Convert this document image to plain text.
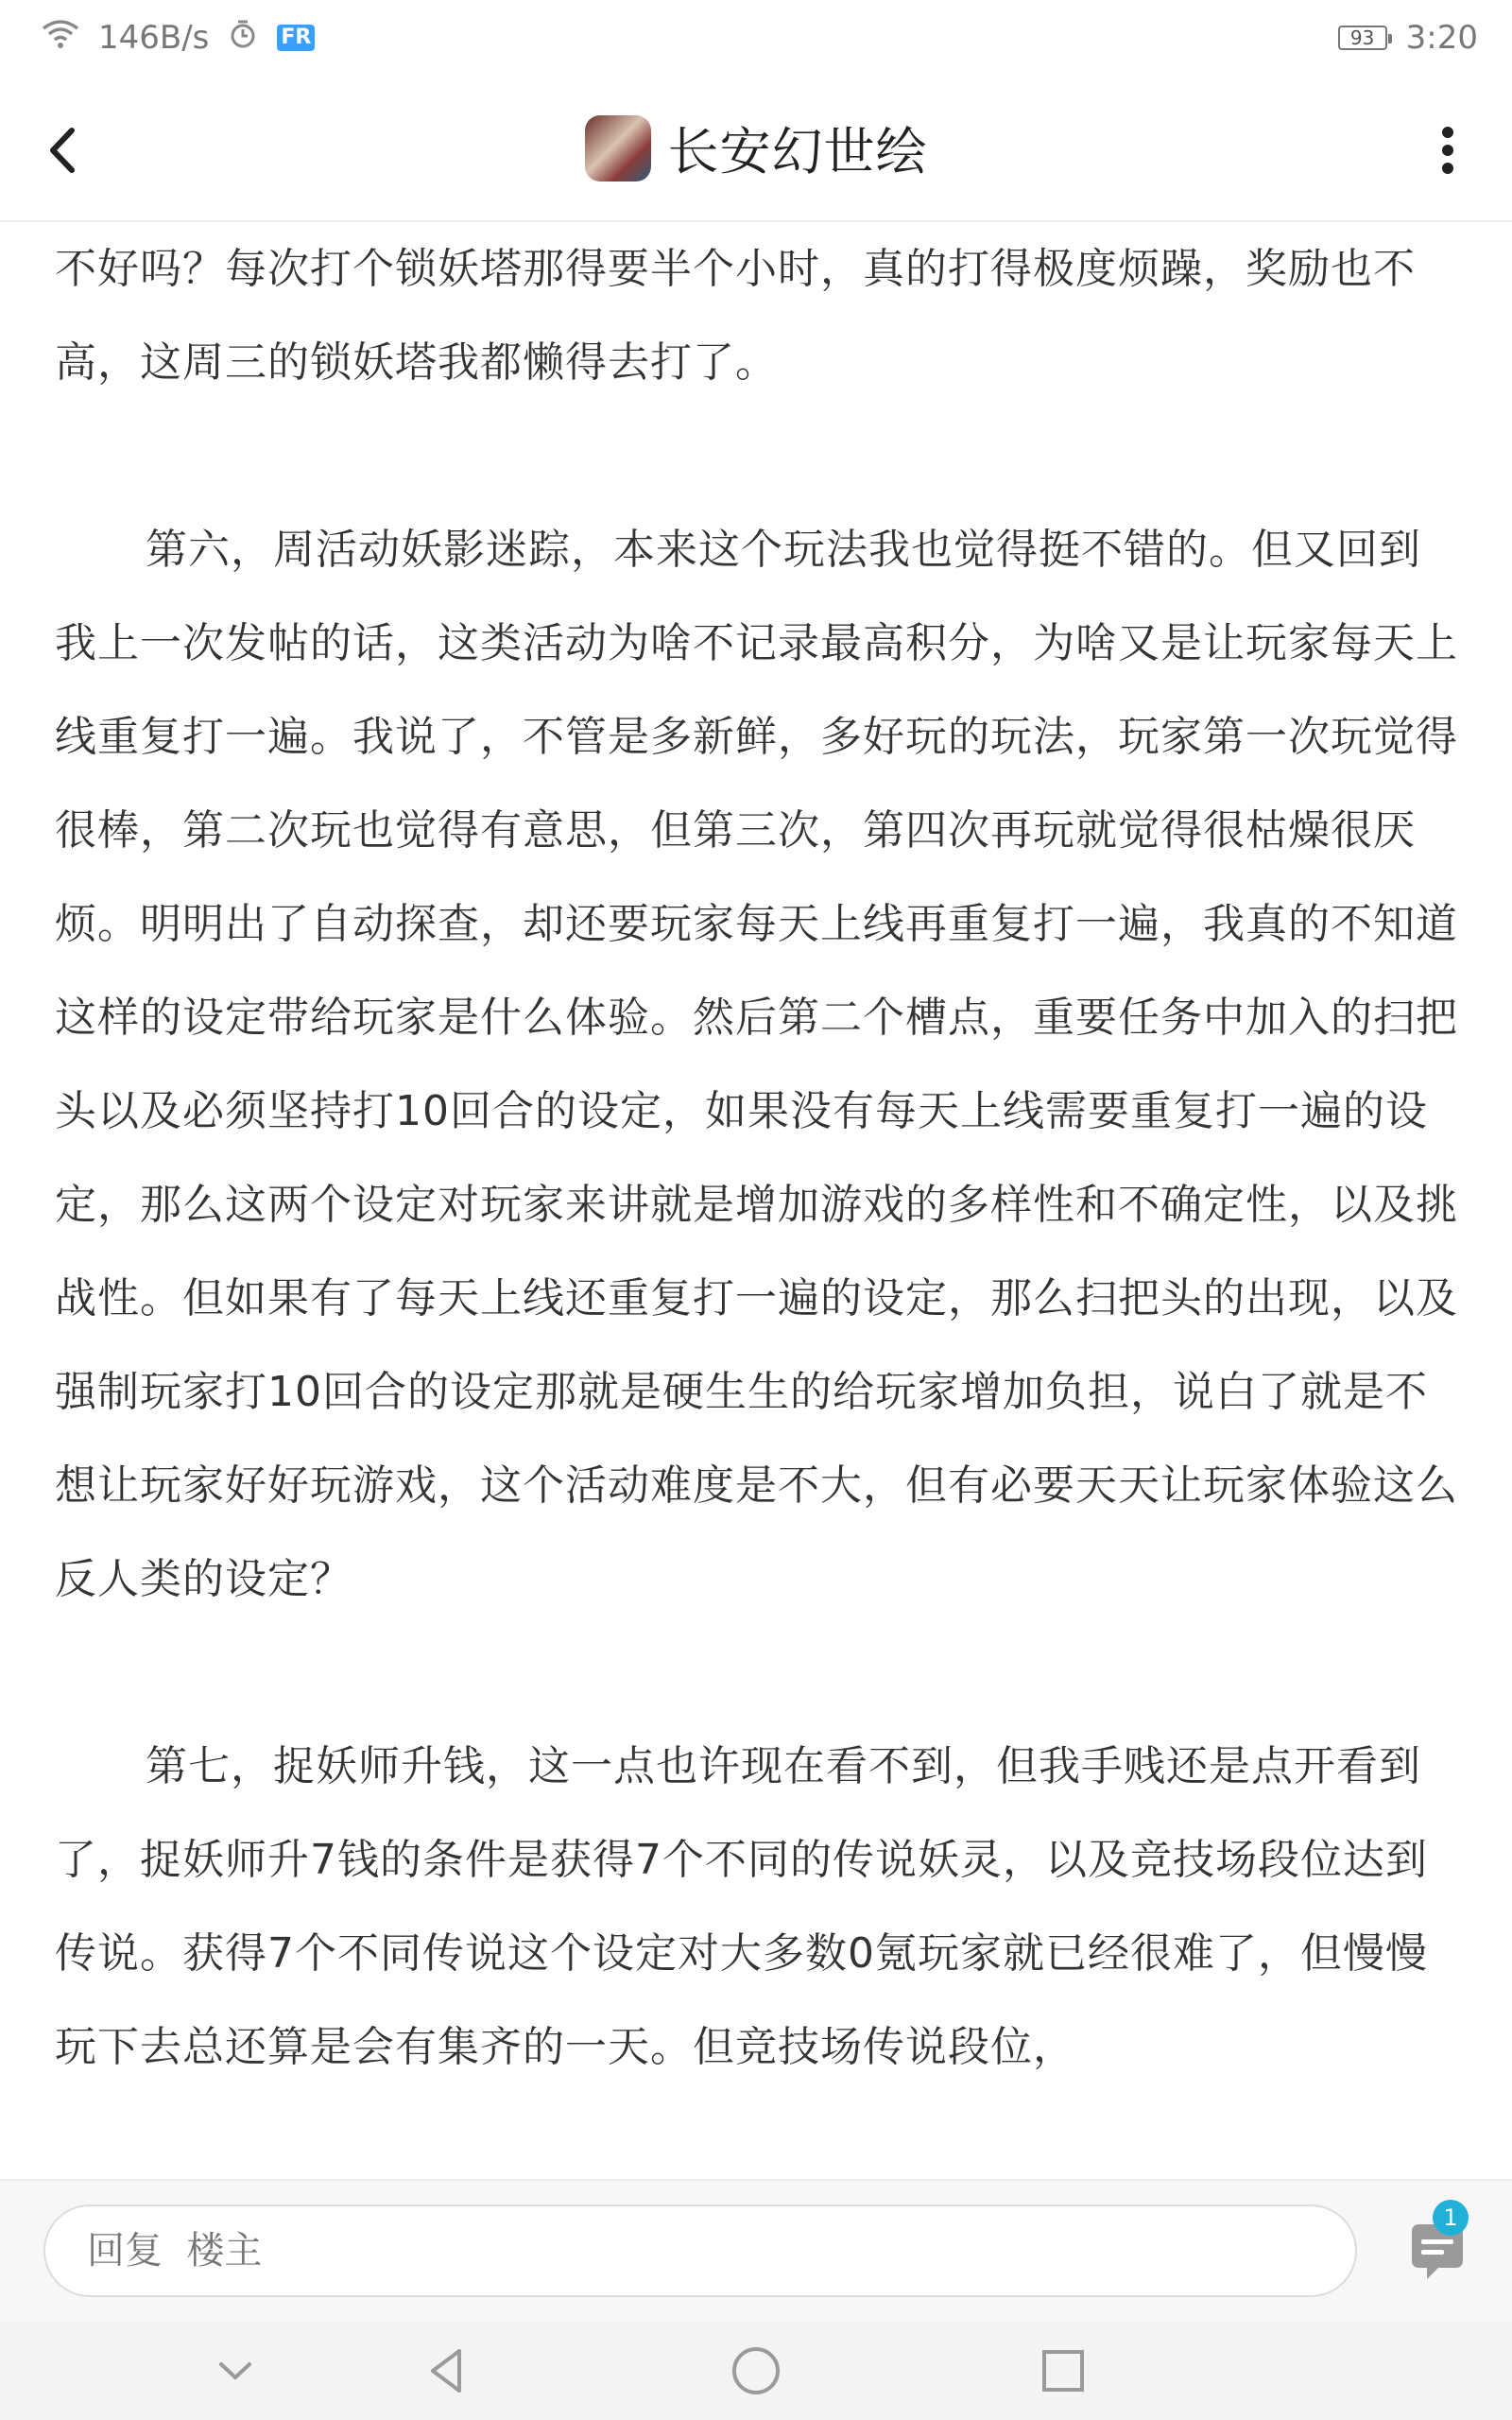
146B/s	FR	93 3:20
长安幻世绘

不好吗？每次打个锁妖塔那得要半个小时，真的打得极度烦躁，奖励也不高，这周三的锁妖塔我都懒得去打了。

第六，周活动妖影迷踪，本来这个玩法我也觉得挺不错的。但又回到我上一次发帖的话，这类活动为啥不记录最高积分，为啥又是让玩家每天上线重复打一遍。我说了，不管是多新鲜，多好玩的玩法，玩家第一次玩觉得很棒，第二次玩也觉得有意思，但第三次，第四次再玩就觉得很枯燥很厌烦。明明出了自动探查，却还要玩家每天上线再重复打一遍，我真的不知道这样的设定带给玩家是什么体验。然后第二个槽点，重要任务中加入的扫把头以及必须坚持打10回合的设定，如果没有每天上线需要重复打一遍的设定，那么这两个设定对玩家来讲就是增加游戏的多样性和不确定性，以及挑战性。但如果有了每天上线还重复打一遍的设定，那么扫把头的出现，以及强制玩家打10回合的设定那就是硬生生的给玩家增加负担，说白了就是不想让玩家好好玩游戏，这个活动难度是不大，但有必要天天让玩家体验这么反人类的设定？

第七，捉妖师升钱，这一点也许现在看不到，但我手贱还是点开看到了，捉妖师升7钱的条件是获得7个不同的传说妖灵，以及竞技场段位达到传说。获得7个不同传说这个设定对大多数0氪玩家就已经很难了，但慢慢玩下去总还算是会有集齐的一天。但竞技场传说段位，

回复 楼主
1
